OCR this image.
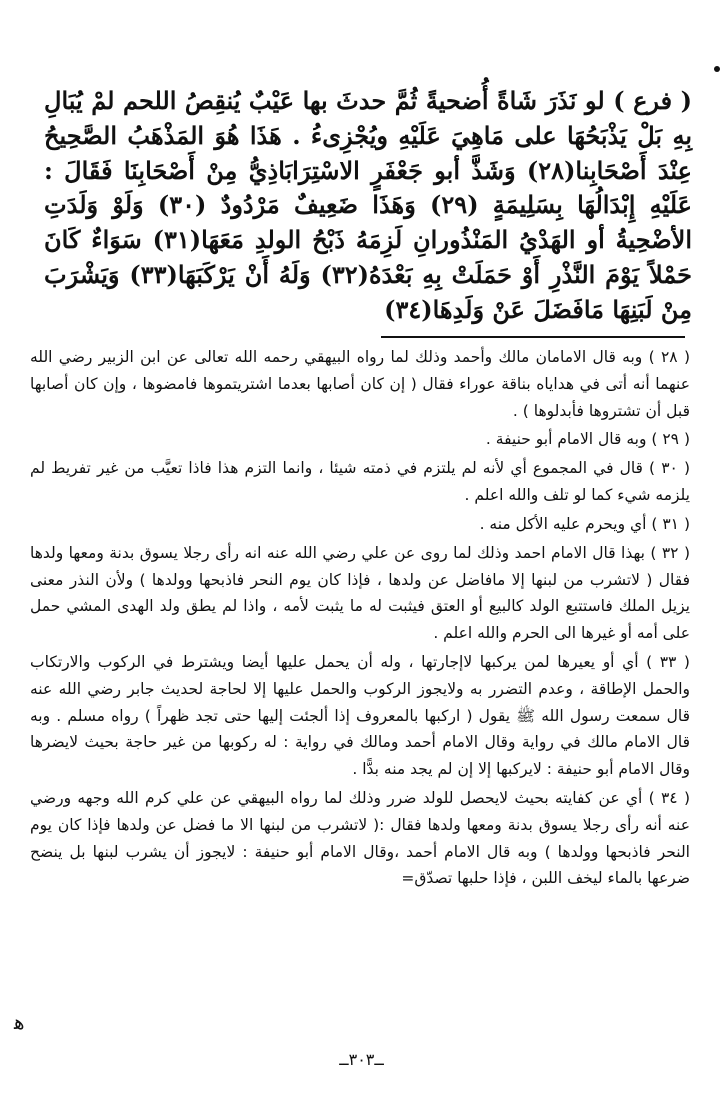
( فرع ) لو نَذَرَ شَاةً أُضحيةً ثُمَّ حدثَ بها عَيْبٌ يُنقِصُ اللحم لمْ يُبَالِ بِهِ بَلْ يَذْبَحُهَا على مَاهِيَ عَلَيْهِ ويُجْزِىءُ . هَذَا هُوَ المَذْهَبُ الصَّحِيحُ عِنْدَ أَصْحَابِنا(٢٨) وَشَذَّ أبو جَعْفَرٍ الاسْتِرَابَاذِيُّ مِنْ أَصْحَابِنَا فَقَالَ : عَلَيْهِ إِبْدَالُهَا بِسَلِيمَةٍ (٢٩) وَهَذَا ضَعِيفٌ مَرْدُودٌ (٣٠) وَلَوْ وَلَدَتِ الأضْحِيةُ أو الهَدْيُ المَنْذُورانِ لَزِمَهُ ذَبْحُ الولدِ مَعَهَا(٣١) سَوَاءٌ كَانَ حَمْلاً يَوْمَ النَّذْرِ أَوْ حَمَلَتْ بِهِ بَعْدَهُ(٣٢) وَلَهُ أَنْ يَرْكَبَهَا(٣٣) وَيَشْرَبَ مِنْ لَبَنِهَا مَافَضَلَ عَنْ وَلَدِهَا(٣٤)

( ٢٨ ) وبه قال الامامان مالك وأحمد وذلك لما رواه البيهقي رحمه الله تعالى عن ابن الزبير رضي الله عنهما أنه أتى في هداياه بناقة عوراء فقال ( إن كان أصابها بعدما اشتريتموها فامضوها ، وإن كان أصابها قبل أن تشتروها فأبدلوها ) .

( ٢٩ ) وبه قال الامام أبو حنيفة .

( ٣٠ ) قال في المجموع أي لأنه لم يلتزم في ذمته شيئا ، وانما التزم هذا فاذا تعيَّب من غير تفريط لم يلزمه شيء كما لو تلف والله اعلم .

( ٣١ ) أي ويحرم عليه الأكل منه .

( ٣٢ ) بهذا قال الامام احمد وذلك لما روى عن علي رضي الله عنه انه رأى رجلا يسوق بدنة ومعها ولدها فقال ( لاتشرب من لبنها إلا مافاضل عن ولدها ، فإذا كان يوم النحر فاذبحها وولدها ) ولأن النذر معنى يزيل الملك فاستتبع الولد كالبيع أو العتق فيثبت له ما يثبت لأمه ، واذا لم يطق ولد الهدى المشي حمل على أمه أو غيرها الى الحرم والله اعلم .

( ٣٣ ) أي أو يعيرها لمن يركبها لاإجارتها ، وله أن يحمل عليها أيضا ويشترط في الركوب والارتكاب والحمل الإطاقة ، وعدم التضرر به ولايجوز الركوب والحمل عليها إلا لحاجة لحديث جابر رضي الله عنه قال سمعت رسول الله ﷺ يقول ( اركبها بالمعروف إذا ألجئت إليها حتى تجد ظهراً ) رواه مسلم . وبه قال الامام مالك في رواية وقال الامام أحمد ومالك في رواية : له ركوبها من غير حاجة بحيث لايضرها وقال الامام أبو حنيفة : لايركبها إلا إن لم يجد منه بدًّا .

( ٣٤ ) أي عن كفايته بحيث لايحصل للولد ضرر وذلك لما رواه البيهقي عن علي كرم الله وجهه ورضي عنه أنه رأى رجلا يسوق بدنة ومعها ولدها فقال :( لاتشرب من لبنها الا ما فضل عن ولدها فإذا كان يوم النحر فاذبحها وولدها ) وبه قال الامام أحمد ،وقال الامام أبو حنيفة : لايجوز أن يشرب لبنها بل ينضح ضرعها بالماء ليخف اللبن ، فإذا حلبها تصدّق=

ﻫ
ــ٣٠٣ــ
